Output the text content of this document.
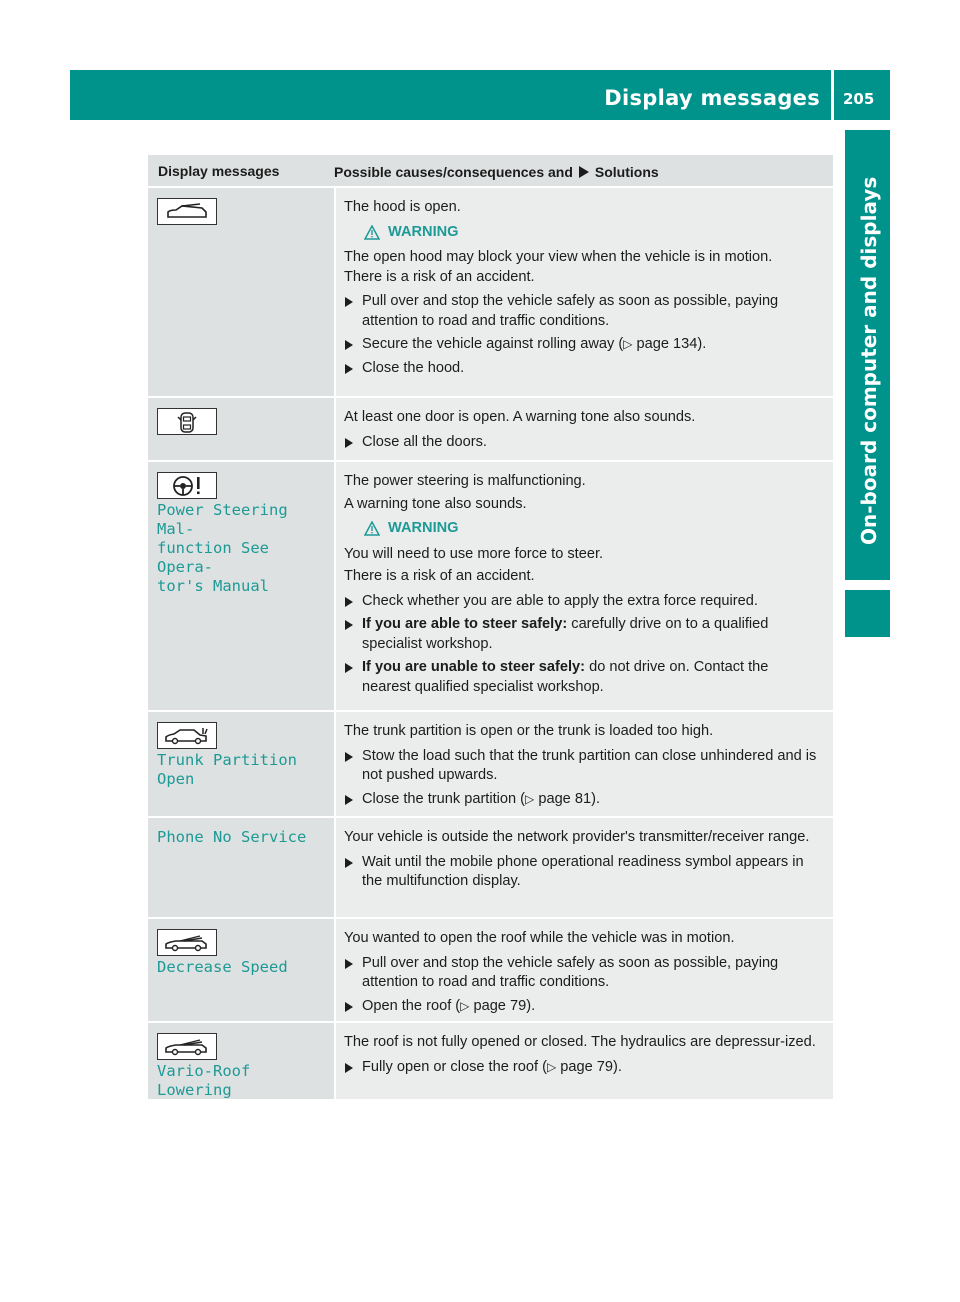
Display messages 205
On-board computer and displays
Display messages	Possible causes/consequences and Solutions
The hood is open.
WARNING
The open hood may block your view when the vehicle is in motion.
There is a risk of an accident.
Pull over and stop the vehicle safely as soon as possible, paying attention to road and traffic conditions.
Secure the vehicle against rolling away (▷ page 134).
Close the hood.
At least one door is open. A warning tone also sounds.
Close all the doors.
Power Steering Mal‐
function See Opera‐
tor's Manual
The power steering is malfunctioning.
A warning tone also sounds.
WARNING
You will need to use more force to steer.
There is a risk of an accident.
Check whether you are able to apply the extra force required.
If you are able to steer safely: carefully drive on to a qualified specialist workshop.
If you are unable to steer safely: do not drive on. Contact the nearest qualified specialist workshop.
Trunk Partition
Open
The trunk partition is open or the trunk is loaded too high.
Stow the load such that the trunk partition can close unhindered and is not pushed upwards.
Close the trunk partition (▷ page 81).
Phone No Service	Your vehicle is outside the network provider's transmitter/receiver range.
Wait until the mobile phone operational readiness symbol appears in the multifunction display.
Decrease Speed
You wanted to open the roof while the vehicle was in motion.
Pull over and stop the vehicle safely as soon as possible, paying attention to road and traffic conditions.
Open the roof (▷ page 79).
Vario-Roof Lowering
The roof is not fully opened or closed. The hydraulics are depressur-ized.
Fully open or close the roof (▷ page 79).
